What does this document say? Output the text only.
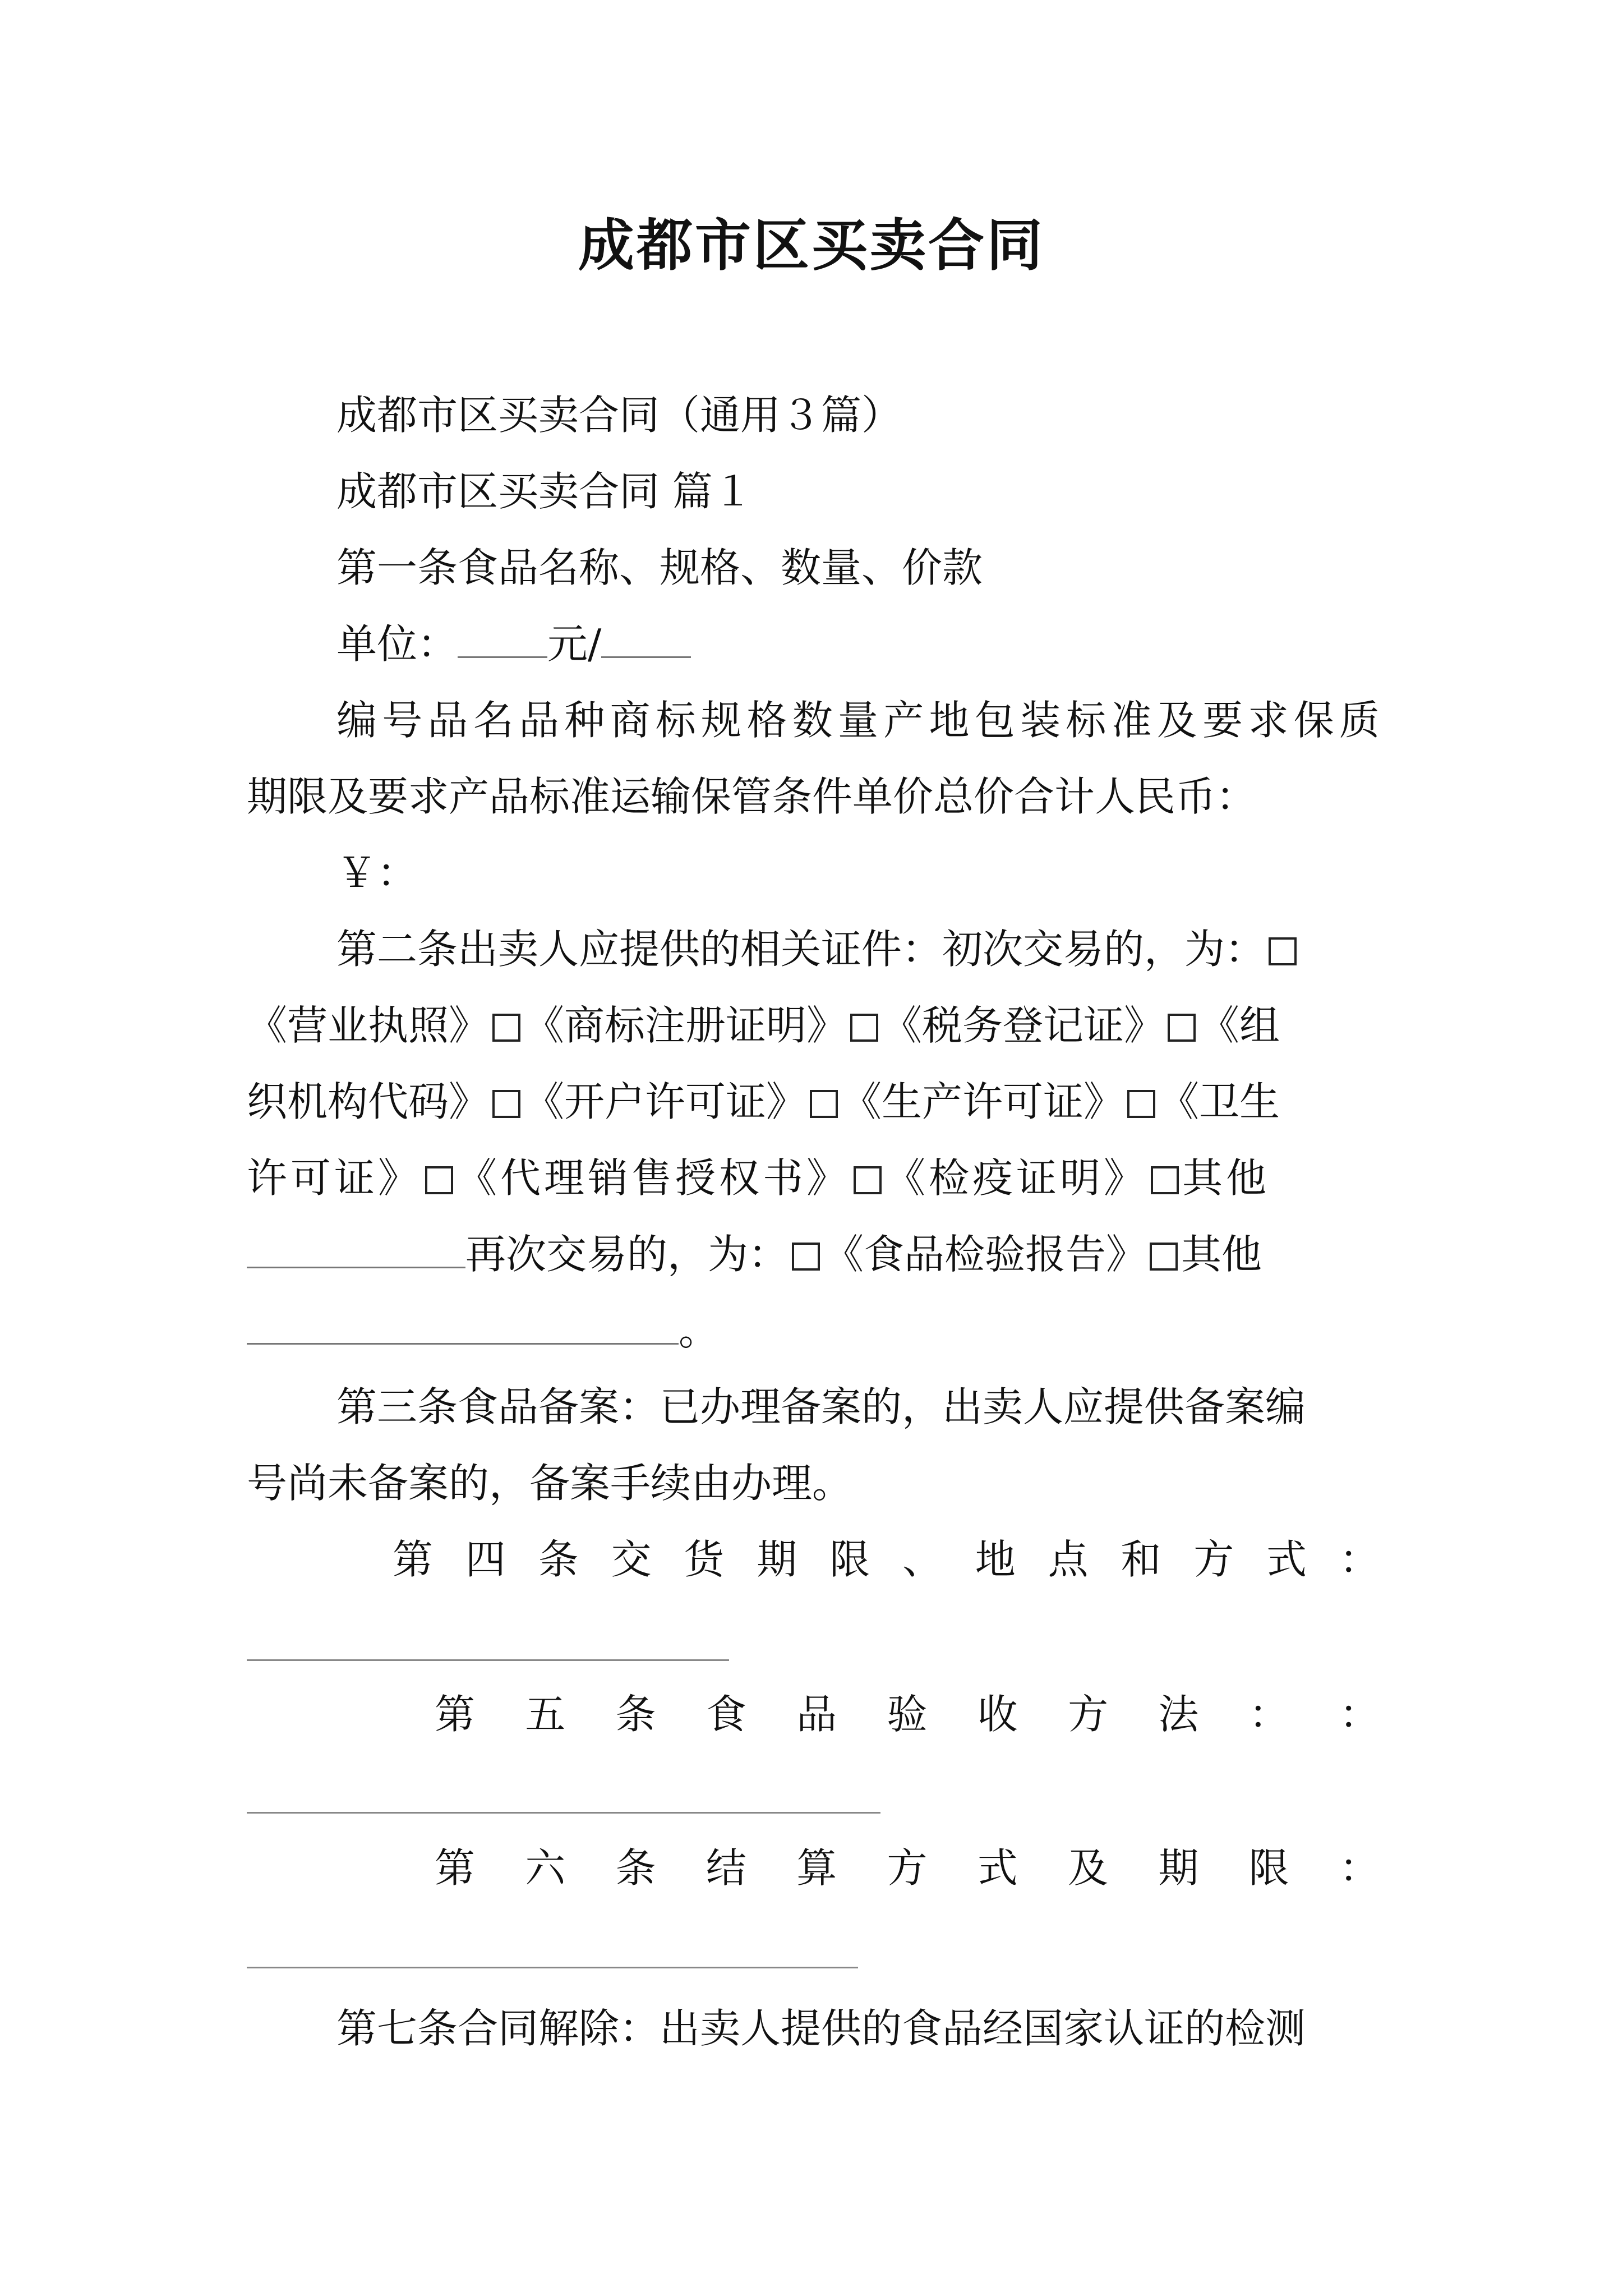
成都市区买卖合同

成都市区买卖合同（通用３篇）

成都市区买卖合同 篇１

第一条食品名称、规格、数量、价款

单位： 元/

编号品名品种商标规格数量产地包装标准及要求保质

期限及要求产品标准运输保管条件单价总价合计人民币：

￥：

第二条出卖人应提供的相关证件：初次交易的，为：

《营业执照》 《商标注册证明》 《税务登记证》 《组

织机构代码》 《开户许可证》 《生产许可证》 《卫生

许可证》 《代理销售授权书》 《检疫证明》 其他

再次交易的，为： 《食品检验报告》 其他

。

第三条食品备案：已办理备案的，出卖人应提供备案编

号尚未备案的，备案手续由办理。

第 四 条 交 货 期 限 、 地 点 和 方 式 ：
第 五 条 食 品 验 收 方 法 ： ：
第 六 条 结 算 方 式 及 期 限 ：

第七条合同解除：出卖人提供的食品经国家认证的检测
